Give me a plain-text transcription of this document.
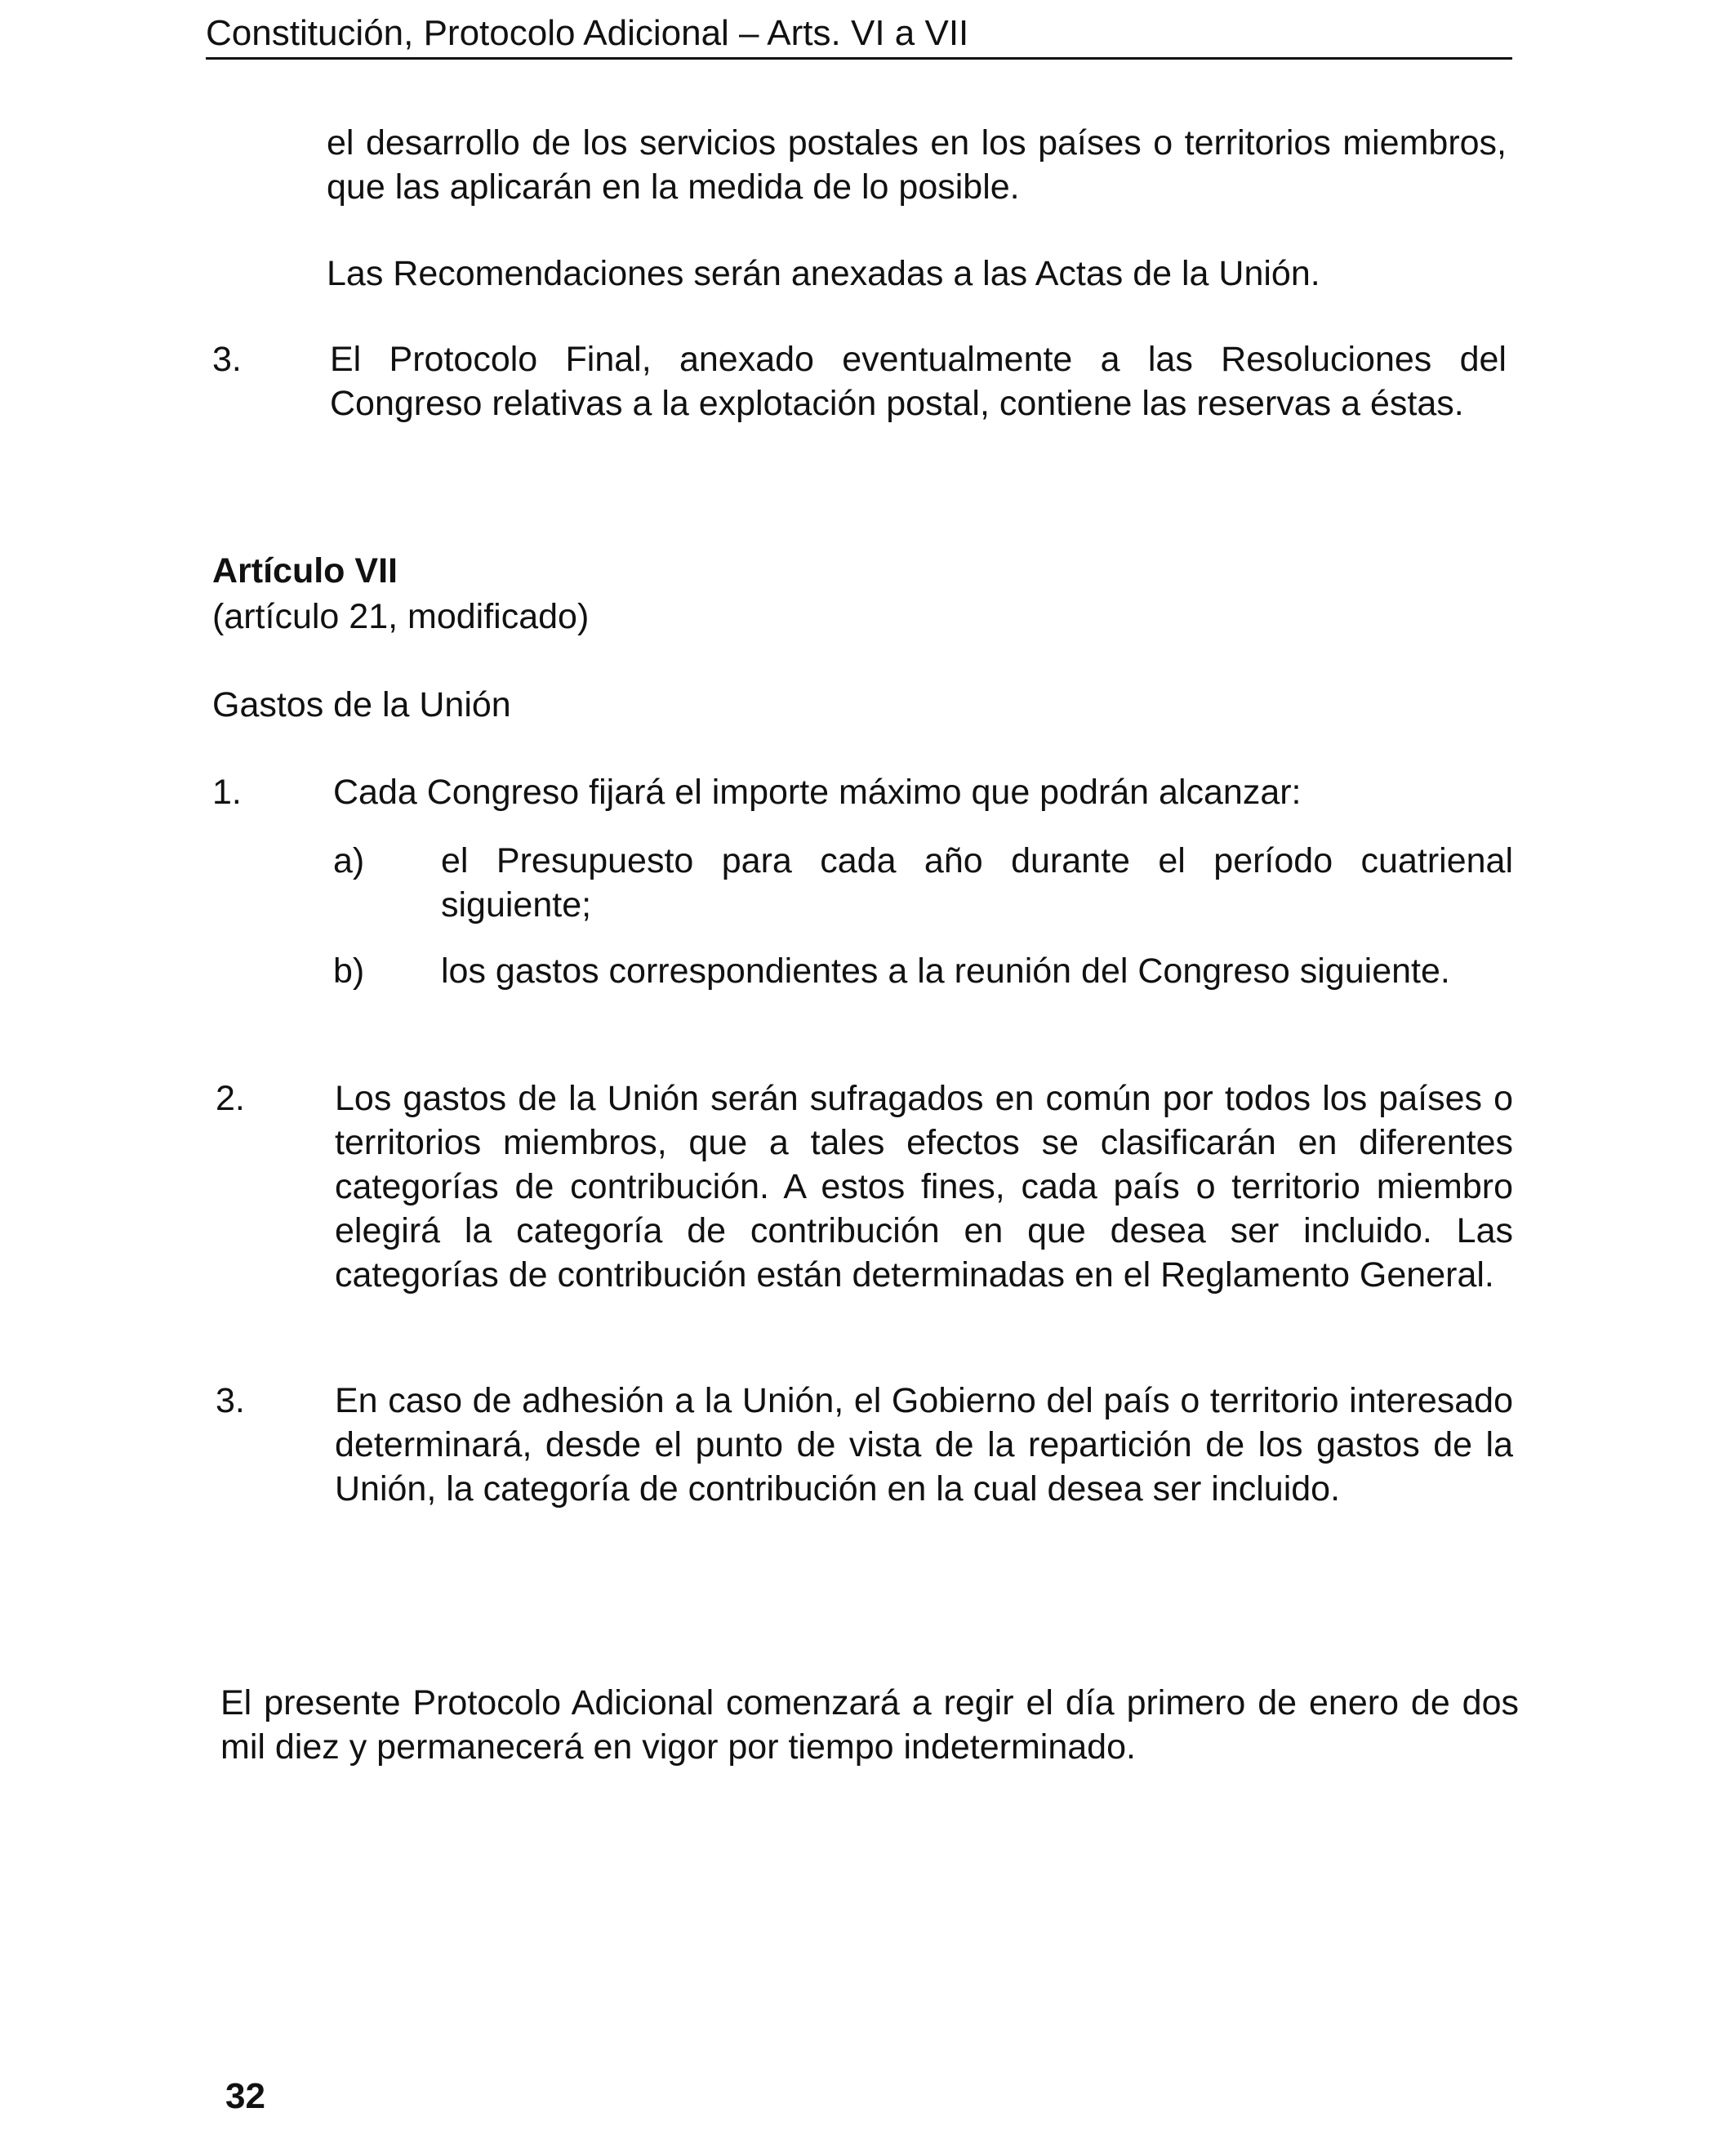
Constitución, Protocolo Adicional – Arts. VI a VII

el desarrollo de los servicios postales en los países o territorios miembros, que las aplicarán en la medida de lo posible.

Las Recomendaciones serán anexadas a las Actas de la Unión.

3.	El Protocolo Final, anexado eventualmente a las Resoluciones del Congreso relativas a la explotación postal, contiene las reservas a éstas.

Artículo VII
(artículo 21, modificado)
Gastos de la Unión
1.	Cada Congreso fijará el importe máximo que podrán alcanzar:

a) el Presupuesto para cada año durante el período cuatrienal siguiente;

b) los gastos correspondientes a la reunión del Congreso siguiente.

2.	Los gastos de la Unión serán sufragados en común por todos los países o territorios miembros, que a tales efectos se clasificarán en diferentes categorías de contribución. A estos fines, cada país o territorio miembro elegirá la categoría de contribución en que desea ser incluido. Las categorías de contribución están determinadas en el Reglamento General.

3.	En caso de adhesión a la Unión, el Gobierno del país o territorio interesado determinará, desde el punto de vista de la repartición de los gastos de la Unión, la categoría de contribución en la cual desea ser incluido.

El presente Protocolo Adicional comenzará a regir el día primero de enero de dos mil diez y permanecerá en vigor por tiempo indeterminado.

32
